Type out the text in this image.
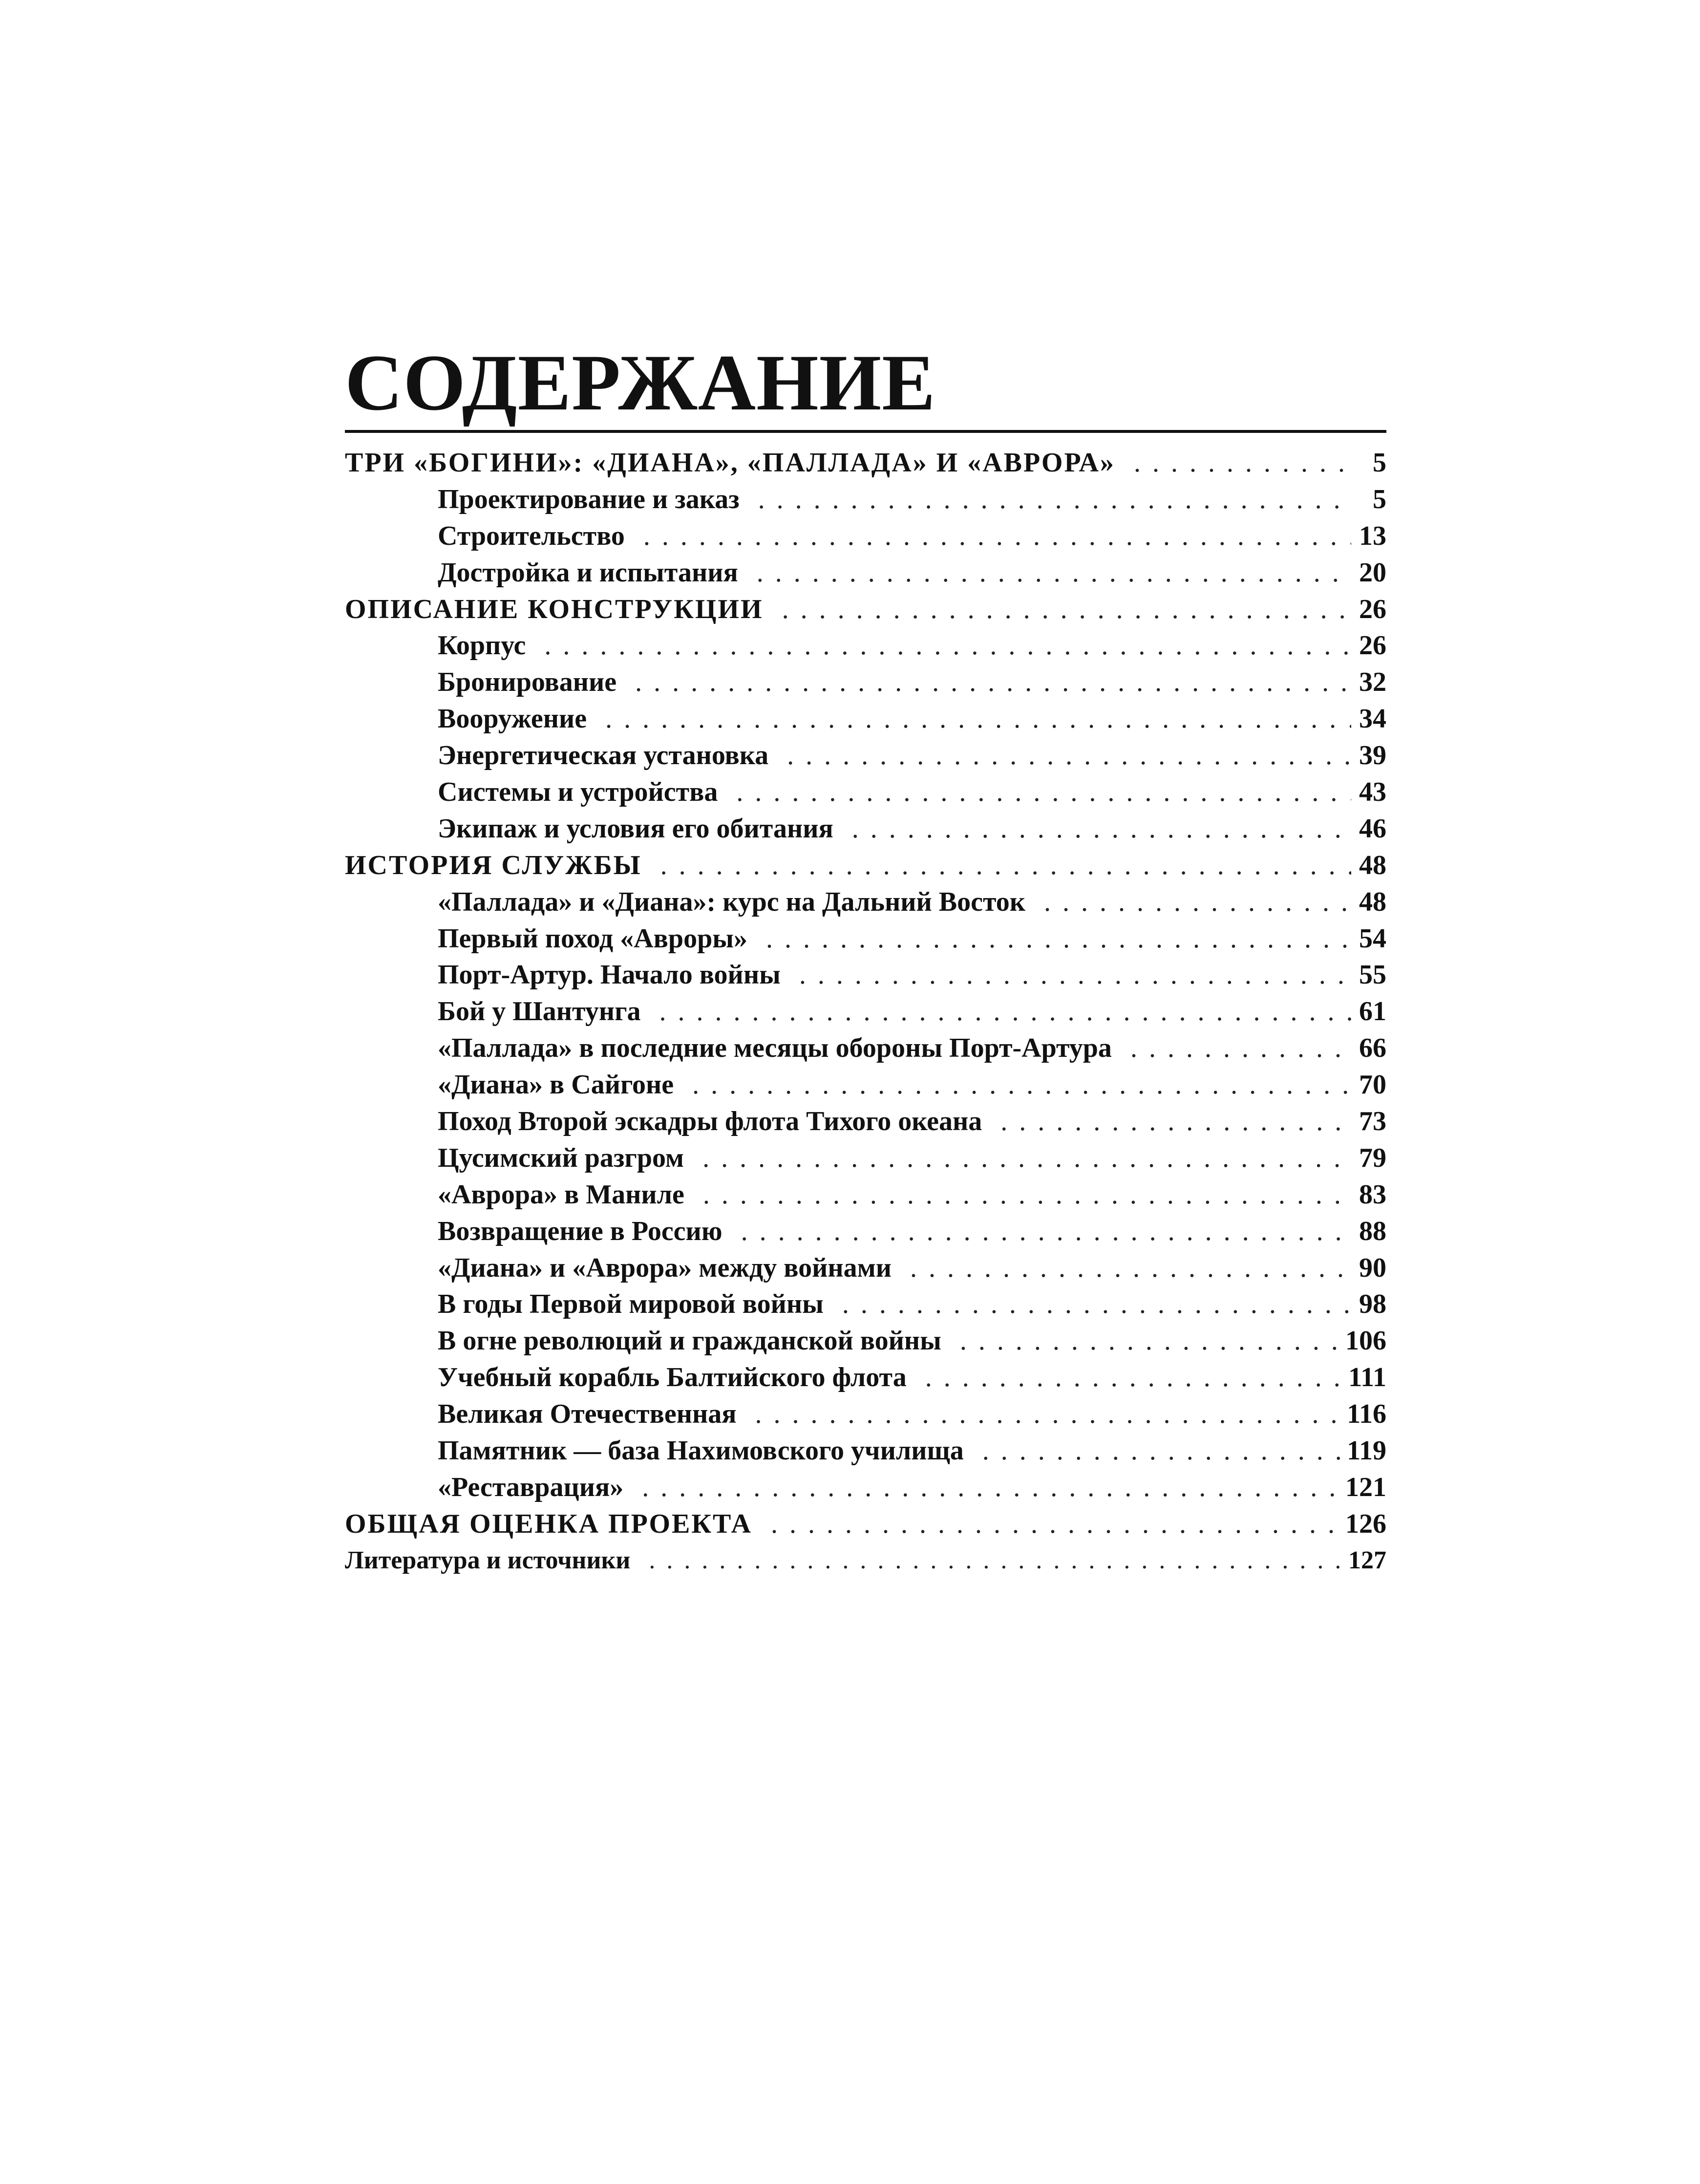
СОДЕРЖАНИЕ
ТРИ «БОГИНИ»: «ДИАНА», «ПАЛЛАДА» И «АВРОРА» . . .	5
Проектирование и заказ . . .	5
Строительство . . .	13
Достройка и испытания . . .	20
ОПИСАНИЕ КОНСТРУКЦИИ . . .	26
Корпус . . .	26
Бронирование . . .	32
Вооружение . . .	34
Энергетическая установка . . .	39
Системы и устройства . . .	43
Экипаж и условия его обитания . . .	46
ИСТОРИЯ СЛУЖБЫ . . .	48
«Паллада» и «Диана»: курс на Дальний Восток . . .	48
Первый поход «Авроры» . . .	54
Порт-Артур. Начало войны . . .	55
Бой у Шантунга . . .	61
«Паллада» в последние месяцы обороны Порт-Артура . . .	66
«Диана» в Сайгоне . . .	70
Поход Второй эскадры флота Тихого океана . . .	73
Цусимский разгром . . .	79
«Аврора» в Маниле . . .	83
Возвращение в Россию . . .	88
«Диана» и «Аврора» между войнами . . .	90
В годы Первой мировой войны . . .	98
В огне революций и гражданской войны . . .	106
Учебный корабль Балтийского флота . . .	111
Великая Отечественная . . .	116
Памятник — база Нахимовского училища . . .	119
«Реставрация» . . .	121
ОБЩАЯ ОЦЕНКА ПРОЕКТА . . .	126
Литература и источники . . .	127
